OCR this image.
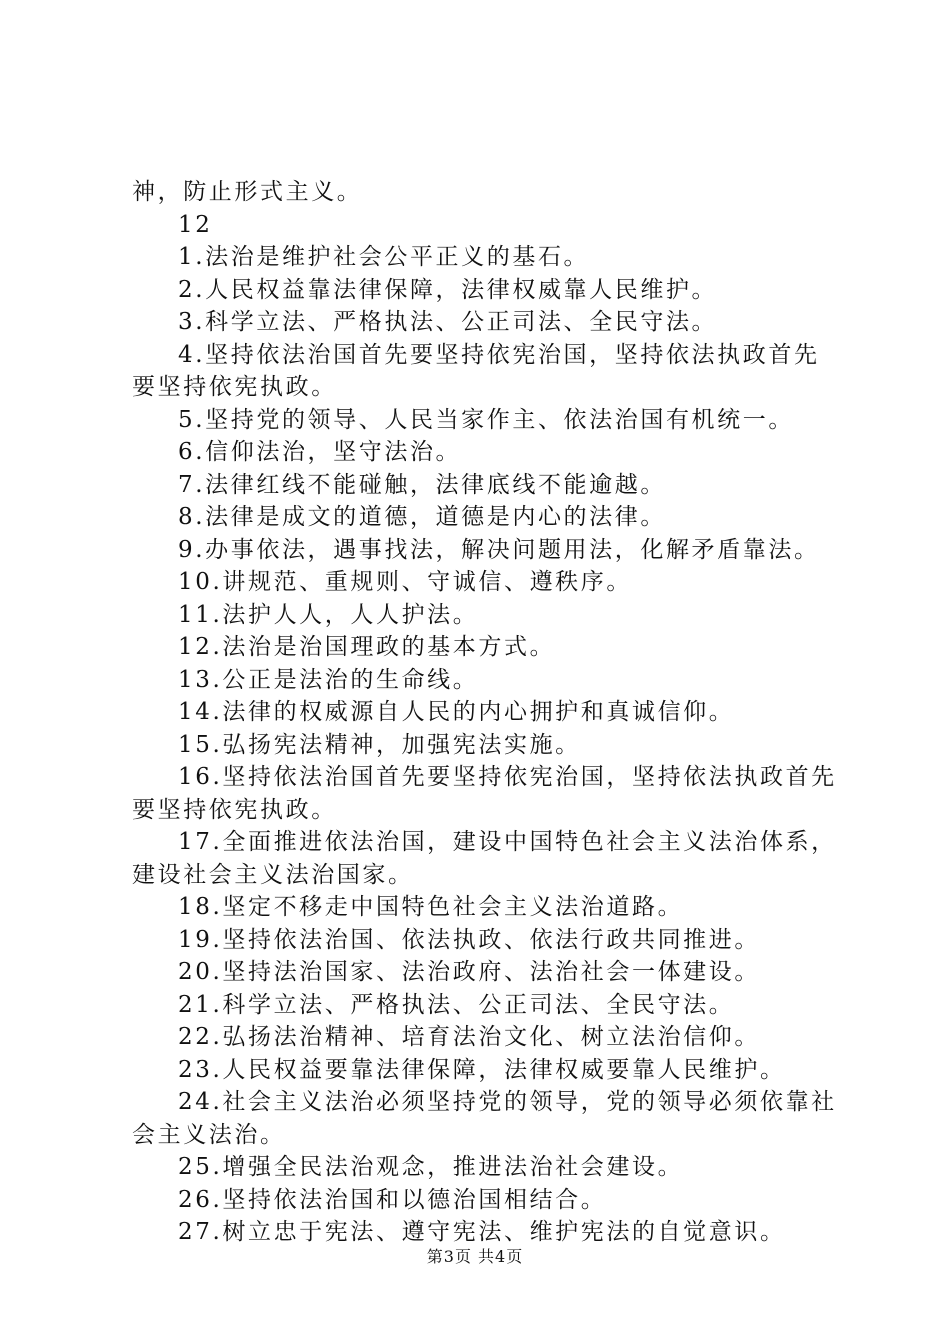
神，防止形式主义。

12

1.法治是维护社会公平正义的基石。

2.人民权益靠法律保障，法律权威靠人民维护。

3.科学立法、严格执法、公正司法、全民守法。

4.坚持依法治国首先要坚持依宪治国，坚持依法执政首先

要坚持依宪执政。

5.坚持党的领导、人民当家作主、依法治国有机统一。

6.信仰法治，坚守法治。

7.法律红线不能碰触，法律底线不能逾越。

8.法律是成文的道德，道德是内心的法律。

9.办事依法，遇事找法，解决问题用法，化解矛盾靠法。

10.讲规范、重规则、守诚信、遵秩序。

11.法护人人，人人护法。

12.法治是治国理政的基本方式。

13.公正是法治的生命线。

14.法律的权威源自人民的内心拥护和真诚信仰。

15.弘扬宪法精神，加强宪法实施。

16.坚持依法治国首先要坚持依宪治国，坚持依法执政首先

要坚持依宪执政。

17.全面推进依法治国，建设中国特色社会主义法治体系，

建设社会主义法治国家。

18.坚定不移走中国特色社会主义法治道路。

19.坚持依法治国、依法执政、依法行政共同推进。

20.坚持法治国家、法治政府、法治社会一体建设。

21.科学立法、严格执法、公正司法、全民守法。

22.弘扬法治精神、培育法治文化、树立法治信仰。

23.人民权益要靠法律保障，法律权威要靠人民维护。

24.社会主义法治必须坚持党的领导，党的领导必须依靠社

会主义法治。

25.增强全民法治观念，推进法治社会建设。

26.坚持依法治国和以德治国相结合。

27.树立忠于宪法、遵守宪法、维护宪法的自觉意识。

第3页 共4页
